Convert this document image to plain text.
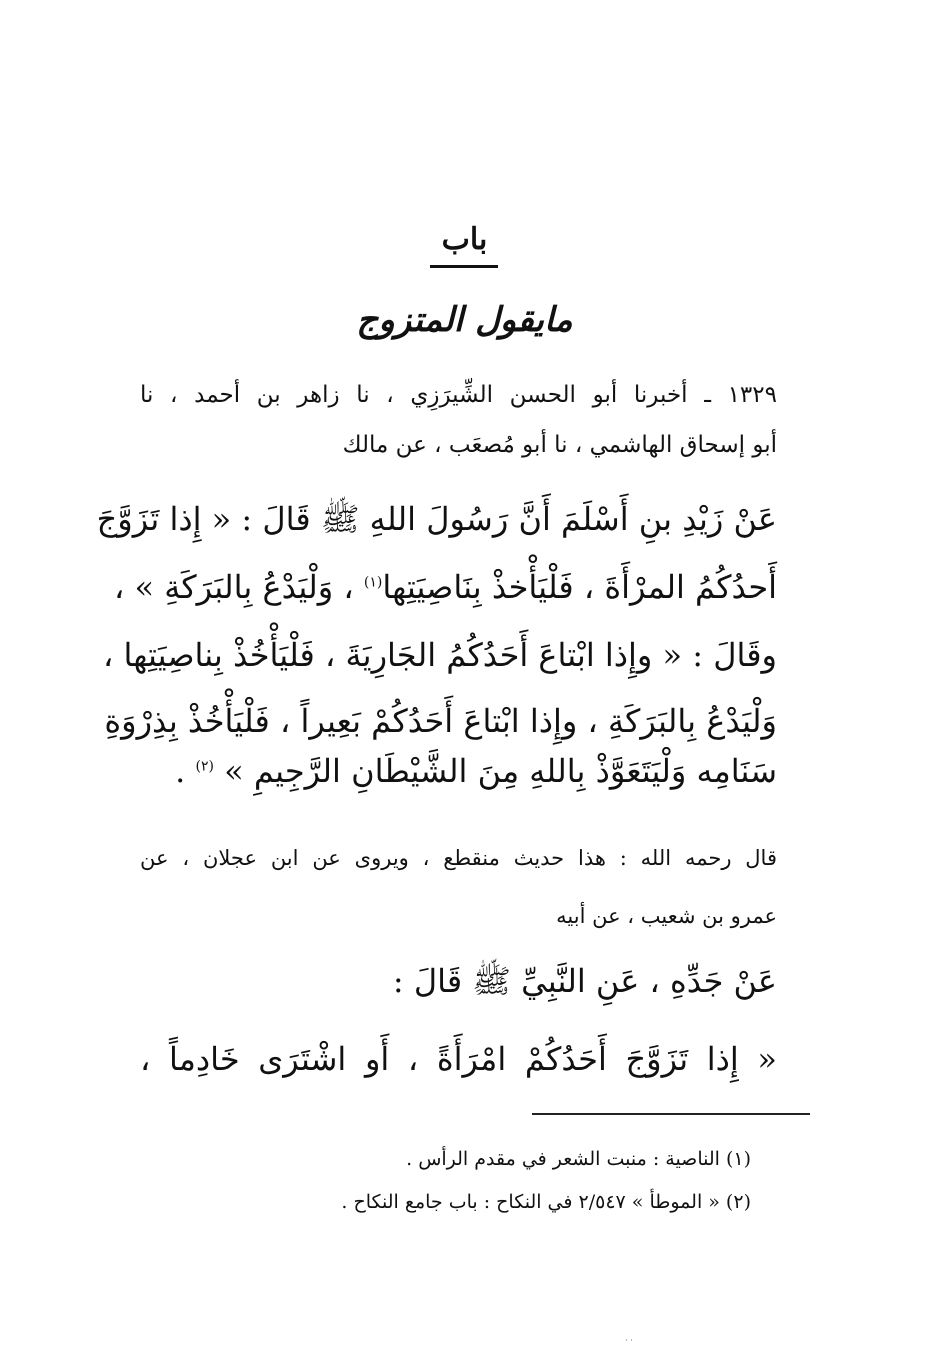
باب
مايقول المتزوج
١٣٢٩ ـ أخبرنا أبو الحسن الشِّيرَزِي ، نا زاهر بن أحمد ، نا
أبو إسحاق الهاشمي ، نا أبو مُصعَب ، عن مالك
عَنْ زَيْدِ بنِ أَسْلَمَ أَنَّ رَسُولَ اللهِ ﷺ قَالَ : « إِذا تَزَوَّجَ
أَحدُكُمُ المرْأَةَ ، فَلْيَأْخذْ بِنَاصِيَتِها$^{(١)}$ ، وَلْيَدْعُ بِالبَرَكَةِ » ،
وقَالَ : « وإِذا ابْتاعَ أَحَدُكُمُ الجَارِيَةَ ، فَلْيَأْخُذْ بِناصِيَتِها ،
وَلْيَدْعُ بِالبَرَكَةِ ، وإِذا ابْتاعَ أَحَدُكُمْ بَعِيراً ، فَلْيَأْخُذْ بِذِرْوَةِ
سَنَامِه وَلْيَتَعَوَّذْ بِاللهِ مِنَ الشَّيْطَانِ الرَّجِيمِ » $^{(٢)}$ .
قال رحمه الله : هذا حديث منقطع ، ويروى عن ابن عجلان ، عن
عمرو بن شعيب ، عن أبيه
عَنْ جَدِّهِ ، عَنِ النَّبِيِّ ﷺ قَالَ :
« إِذا تَزَوَّجَ أَحَدُكُمْ امْرَأَةً ، أَو اشْتَرَى خَادِماً ،
(١) الناصية : منبت الشعر في مقدم الرأس .
(٢) « الموطأ » ٢/٥٤٧ في النكاح : باب جامع النكاح .
· ·
